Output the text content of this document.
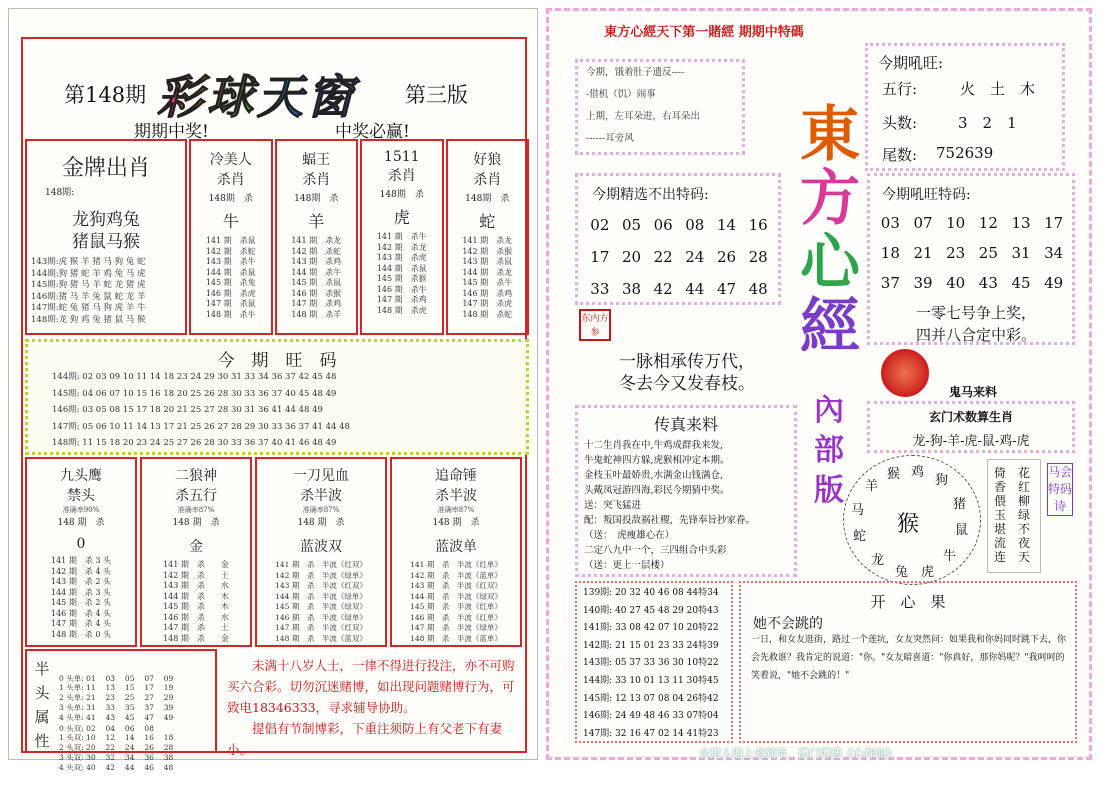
第148期 彩球天窗 第三版
期期中奖!	中奖必赢!
金牌出肖
148期:
龙狗鸡兔
猪鼠马猴
143期:虎 猴 羊 猪 马 狗 兔 蛇
144期:狗 猪 蛇 羊 鸡 兔 马 虎
145期:狗 猪 马 羊 蛇 龙 猪 虎
146期:猪 马 羊 兔 鼠 蛇 龙 羊
147期:蛇 兔 猪 马 狗 虎 羊 牛
148期:龙 狗 鸡 兔 猪 鼠 马 猴
冷美人
杀肖
148期　杀
牛
141 期　杀鼠
142 期　杀蛇
143 期　杀牛
144 期　杀鼠
145 期　杀兔
146 期　杀虎
147 期　杀鼠
148 期　杀牛
蝠王
杀肖
148期　杀
羊
141 期　杀龙
142 期　杀蛇
143 期　杀鸡
144 期　杀牛
145 期　杀鼠
146 期　杀猴
147 期　杀鸡
148 期　杀羊
1511
杀肖
148期　杀
虎
141 期　杀牛
142 期　杀龙
143 期　杀虎
144 期　杀鼠
145 期　杀猴
146 期　杀牛
147 期　杀鸡
148 期　杀虎
好狼
杀肖
148期　杀
蛇
141 期　杀龙
142 期　杀猴
143 期　杀鼠
144 期　杀龙
145 期　杀牛
146 期　杀鸡
147 期　杀虎
148 期　杀蛇
今　期　旺　码
144期: 02 03 09 10 11 14 18 23 24 29 30 31 33 34 36 37 42 45 48
145期: 04 06 07 10 15 16 18 20 25 26 28 30 33 36 37 40 45 48 49
146期: 03 05 08 15 17 18 20 21 25 27 28 30 31 36 41 44 48 49
147期: 05 06 10 11 14 13 17 21 25 26 27 28 29 30 33 36 37 41 44 48
148期: 11 15 18 20 23 24 25 27 26 28 30 33 36 37 40 41 46 48 49
九头鹰
禁头
准确率90%
148 期　杀
0
141 期　杀 3 头
142 期　杀 4 头
143 期　杀 2 头
144 期　杀 3 头
145 期　杀 2 头
146 期　杀 4 头
147 期　杀 4 头
148 期　杀 0 头
二狼神
杀五行
准确率87%
148 期　杀
金
141 期　杀　　金
142 期　杀　　土
143 期　杀　　水
144 期　杀　　木
145 期　杀　　木
146 期　杀　　水
147 期　杀　　土
148 期　杀　　金
一刀见血
杀半波
准确率87%
148 期　杀
蓝波双
141 期　杀　半波《红双》
142 期　杀　半波《绿单》
143 期　杀　半波《红双》
144 期　杀　半波《绿单》
145 期　杀　半波《绿双》
146 期　杀　半波《绿单》
147 期　杀　半波《红双》
148 期　杀　半波《蓝双》
追命锤
杀半波
准确率87%
148 期　杀
蓝波单
141 期　杀　半波《红单》
142 期　杀　半波《蓝单》
143 期　杀　半波《红双》
144 期　杀　半波《绿双》
145 期　杀　半波《红单》
146 期　杀　半波《红单》
147 期　杀　半波《绿单》
148 期　杀　半波《蓝单》
半头属性

0 头单: 01　 03　 05　 07　 09
1 头单: 11　 13　 15　 17　 19
2 头单: 21　 23　 25　 27　 29
3 头单: 31　 33　 35　 37　 39
4 头单: 41　 43　 45　 47　 49
0 头双: 02　 04　 06　 08
1 头双: 10　 12　 14　 16　 18
2 头双: 20　 22　 24　 26　 28
3 头双: 30　 32　 34　 36　 38
4 头双: 40　 42　 44　 46　 48

未满十八岁人士，一律不得进行投注，亦不可购买六合彩。切勿沉迷赌博，如出现问题赌博行为，可致电18346333，寻求辅导协助。
提倡有节制博彩，下重注须防上有父老下有妻小。
東方心經天下第一賭經 期期中特碼
今期，饿着肚子遗反----
-借机（饥）闹事
上期，左耳朵进，右耳朵出
------耳旁风
今期吼旺:
五行:	火　土　木
头数:	3　2　1
尾数: 752639
今期精选不出特码:
02 05 06 08 14 16
17 20 22 24 26 28
33 38 42 44 47 48
東
方
心
經
內部版
今期吼旺特码:
03 07 10 12 13 17
18 21 23 25 31 34
37 39 40 43 45 49
一零七号争上奖，
四并八合定中彩。
东内方参
一脉相承传万代，
冬去今又发春枝。	鬼马来料
玄门术数算生肖
龙-狗-羊-虎-鼠-鸡-虎
传真来料
十二生肖我在中,牛鸡成群我来发,
牛鬼蛇神四方躲,虎猴相冲定本期。
金枝玉叶最娇贵,水满金山钱满仓,
头戴凤冠游四海,彩民今期猜中奖。
送：突飞猛进
配：叛国投敌祸社稷，先锋奉旨抄家眷。
（送：　虎瘦雄心在）
二定八九中一个，三四组合中头彩
（送：更上一层楼）
猴
羊
猴 鸡
狗
猪
鼠
牛
虎
兔
龙
蛇
马
倚香偎玉堪流连
花红柳绿不夜天
马会特码诗
139期: 20 32 40 46 08 44特34
140期: 40 27 45 48 29 20特43
141期: 33 08 42 07 10 20特22
142期: 21 15 01 23 33 24特39
143期: 05 37 33 36 30 10特22
144期: 33 10 01 13 11 30特45
145期: 12 13 07 08 04 26特42
146期: 24 49 48 46 33 07特04
147期: 32 16 47 02 14 41特23
开　心　果
她不会跳的
一日，和女友逛街，路过一个莲坑，女友突然问：如果我和你妈同时跳下去，你会先救谁？我肯定的说道："你。"女友暗喜道："你真好，那你妈呢？"我呵呵的笑着说，"她不会跳的！"
合道人遇上老到手，澳门博通《心神仙》
